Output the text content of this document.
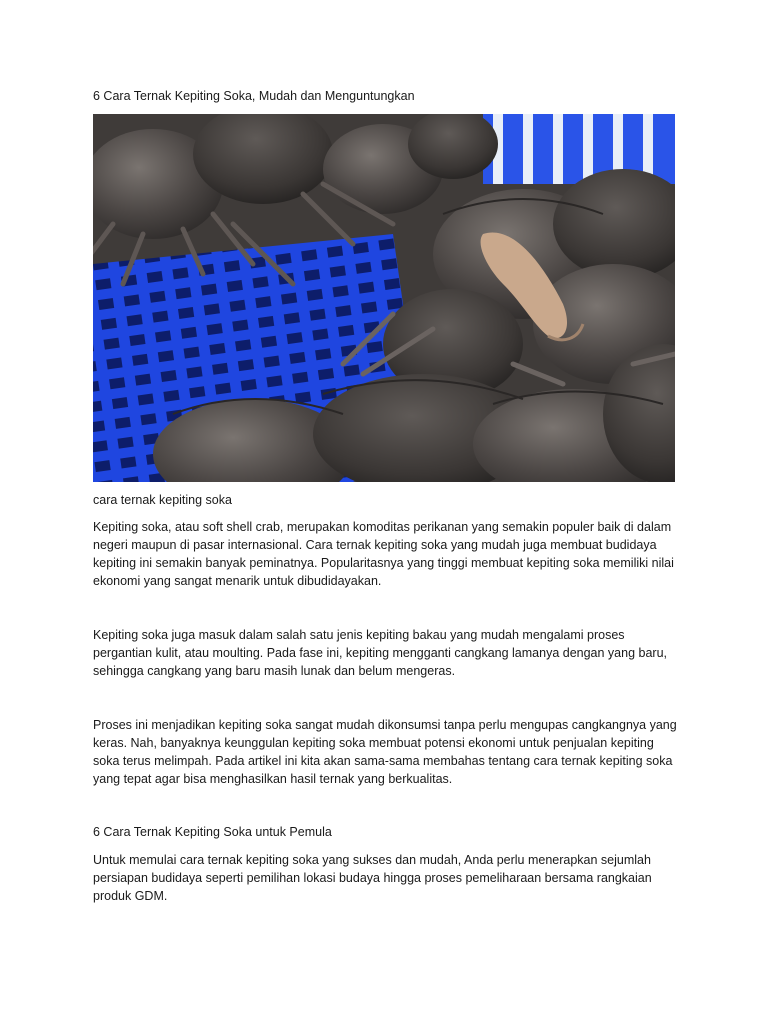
6 Cara Ternak Kepiting Soka, Mudah dan Menguntungkan
cara ternak kepiting soka

Kepiting soka, atau soft shell crab, merupakan komoditas perikanan yang semakin populer baik di dalam negeri maupun di pasar internasional. Cara ternak kepiting soka yang mudah juga membuat budidaya kepiting ini semakin banyak peminatnya. Popularitasnya yang tinggi membuat kepiting soka memiliki nilai ekonomi yang sangat menarik untuk dibudidayakan.

Kepiting soka juga masuk dalam salah satu jenis kepiting bakau yang mudah mengalami proses pergantian kulit, atau moulting. Pada fase ini, kepiting mengganti cangkang lamanya dengan yang baru, sehingga cangkang yang baru masih lunak dan belum mengeras.

Proses ini menjadikan kepiting soka sangat mudah dikonsumsi tanpa perlu mengupas cangkangnya yang keras. Nah, banyaknya keunggulan kepiting soka membuat potensi ekonomi untuk penjualan kepiting soka terus melimpah. Pada artikel ini kita akan sama-sama membahas tentang cara ternak kepiting soka yang tepat agar bisa menghasilkan hasil ternak yang berkualitas.

6 Cara Ternak Kepiting Soka untuk Pemula

Untuk memulai cara ternak kepiting soka yang sukses dan mudah, Anda perlu menerapkan sejumlah persiapan budidaya seperti pemilihan lokasi budaya hingga proses pemeliharaan bersama rangkaian produk GDM.
